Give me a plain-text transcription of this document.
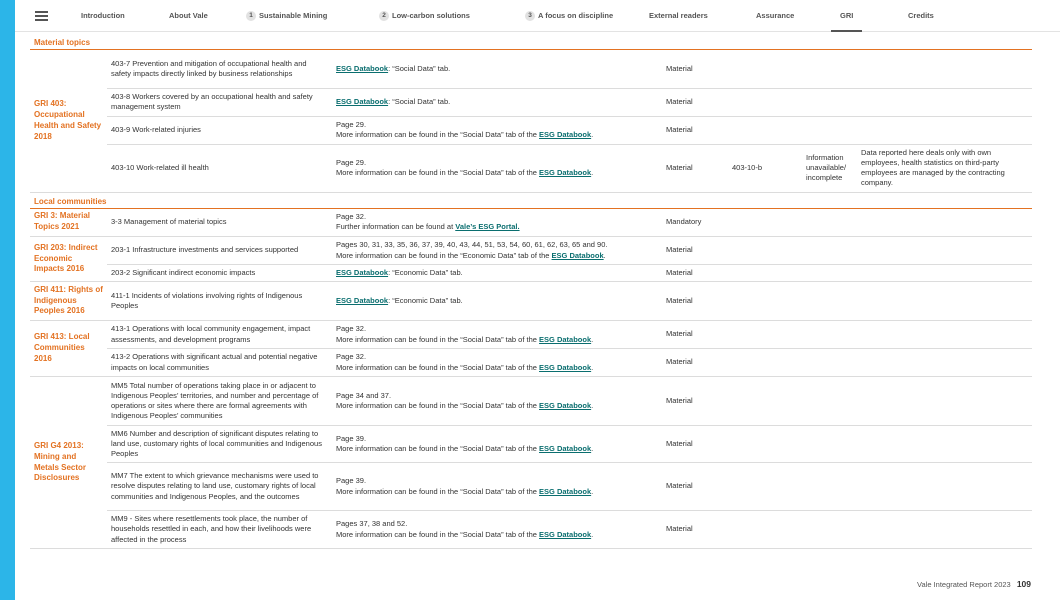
Introduction	About Vale	1 Sustainable Mining	2 Low-carbon solutions	3 A focus on discipline	External readers	Assurance	GRI	Credits
Material topics
GRI 403: Occupational Health and Safety 2018	403-7 Prevention and mitigation of occupational health and safety impacts directly linked by business relationships	ESG Databook: “Social Data” tab.	Material			
	403-8 Workers covered by an occupational health and safety management system	ESG Databook: “Social Data” tab.	Material			
	403-9 Work-related injuries	Page 29.
More information can be found in the “Social Data” tab of the ESG Databook.	Material			
	403-10 Work-related ill health	Page 29.
More information can be found in the “Social Data” tab of the ESG Databook.	Material	403-10-b	Information unavailable/ incomplete	Data reported here deals only with own employees, health statistics on third-party employees are managed by the contracting company.
Local communities
GRI 3: Material Topics 2021	3-3 Management of material topics	Page 32.
Further information can be found at Vale’s ESG Portal.	Mandatory			
GRI 203: Indirect Economic Impacts 2016	203-1 Infrastructure investments and services supported	Pages 30, 31, 33, 35, 36, 37, 39, 40, 43, 44, 51, 53, 54, 60, 61, 62, 63, 65 and 90.
More information can be found in the “Economic Data” tab of the ESG Databook.	Material			
	203-2 Significant indirect economic impacts	ESG Databook: “Economic Data” tab.	Material			
GRI 411: Rights of Indigenous Peoples 2016	411-1 Incidents of violations involving rights of Indigenous Peoples	ESG Databook: “Economic Data” tab.	Material			
GRI 413: Local Communities 2016	413-1 Operations with local community engagement, impact assessments, and development programs	Page 32.
More information can be found in the “Social Data” tab of the ESG Databook.	Material			
	413-2 Operations with significant actual and potential negative impacts on local communities	Page 32.
More information can be found in the “Social Data” tab of the ESG Databook.	Material			
GRI G4 2013: Mining and Metals Sector Disclosures	MM5 Total number of operations taking place in or adjacent to Indigenous Peoples’ territories, and number and percentage of operations or sites where there are formal agreements with Indigenous Peoples’ communities	Page 34 and 37.
More information can be found in the “Social Data” tab of the ESG Databook.	Material			
	MM6 Number and description of significant disputes relating to land use, customary rights of local communities and Indigenous Peoples	Page 39.
More information can be found in the “Social Data” tab of the ESG Databook.	Material			
	MM7 The extent to which grievance mechanisms were used to resolve disputes relating to land use, customary rights of local communities and Indigenous Peoples, and the outcomes	Page 39.
More information can be found in the “Social Data” tab of the ESG Databook.	Material			
	MM9 - Sites where resettlements took place, the number of households resettled in each, and how their livelihoods were affected in the process	Pages 37, 38 and 52.
More information can be found in the “Social Data” tab of the ESG Databook.	Material			
Vale Integrated Report 2023 109
